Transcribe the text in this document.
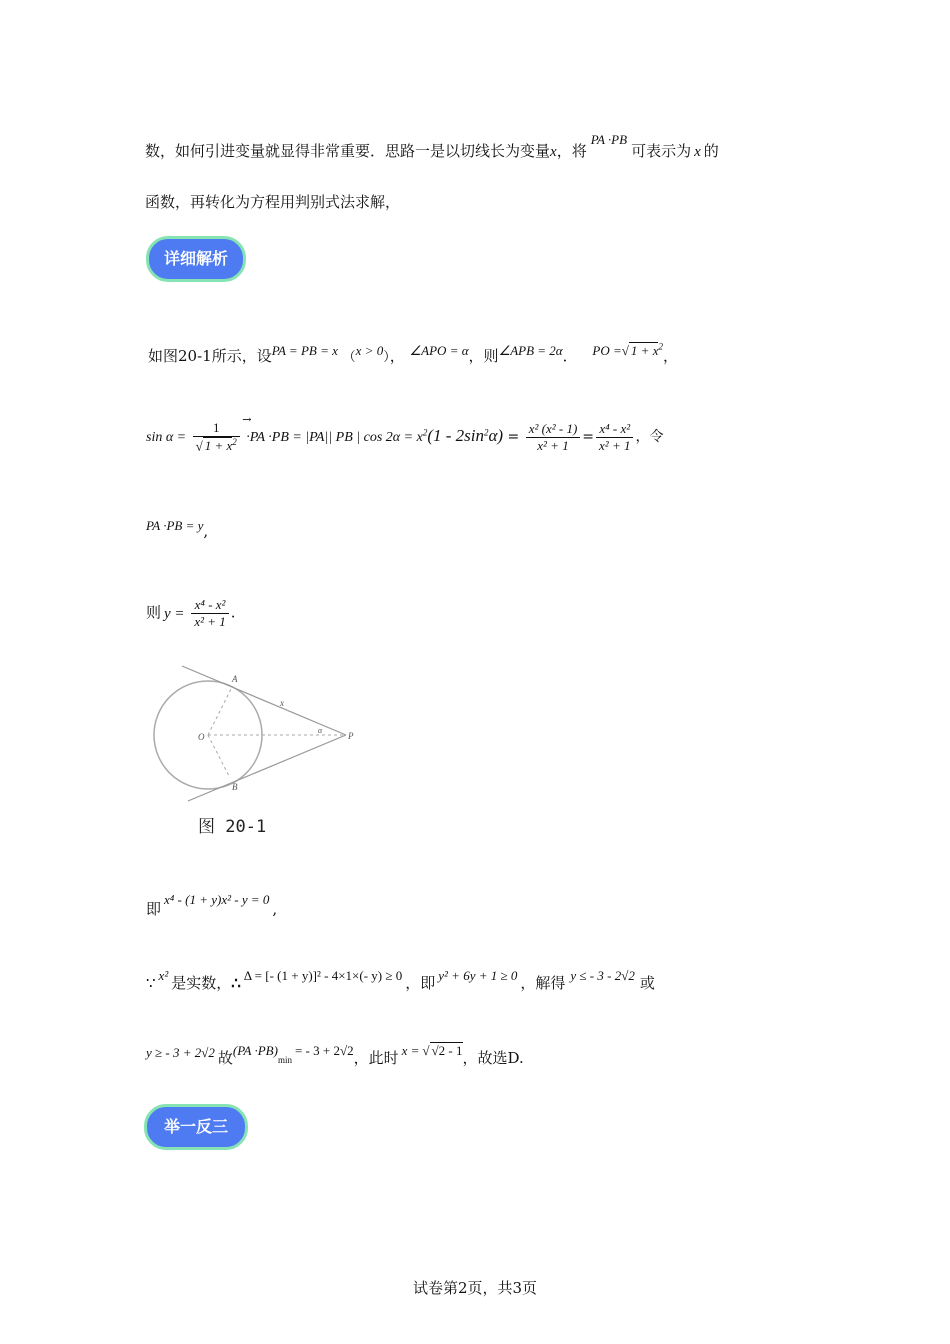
数，如何引进变量就显得非常重要．思路一是以切线长为变量x，将PA ·PB可表示为 x 的
函数，再转化为方程用判别式法求解，
详细解析
如图20-1所示，设PA = PB = x （x > 0）， ∠APO = α，则∠APB = 2α． PO =√ $1 + x^2$，
$\sin \alpha = \frac{1}{√ 1 + x^2}$

→
·PA ·PB = |PA|| PB | $\cos 2\alpha = x^2(1 - 2\sin^2\alpha) = \frac{\text{x² (x² - 1)}}{\text{x² + 1}} = \frac{\text{x⁴ - x²}}{\text{x² + 1}}$ ，令
PA ·PB = y,
则 $y = \frac{\text{x⁴ - x²}}{\text{x² + 1}}$ .
A
B
O	P
x
α
图 20-1
即x⁴ - (1 + y)x² - y = 0,
∵ x² 是实数，∴ Δ = [- (1 + y)]² - 4×1×(- y) ≥ 0 ，即 y² + 6y + 1 ≥ 0 ，解得 y ≤ - 3 - 2√2 或
y ≥ - 3 + 2√2 故$(PA \cdot PB)_{min}= - 3 + 2√2$，此时 x = √ √2 - 1，故选D.
举一反三
试卷第2页，共3页
